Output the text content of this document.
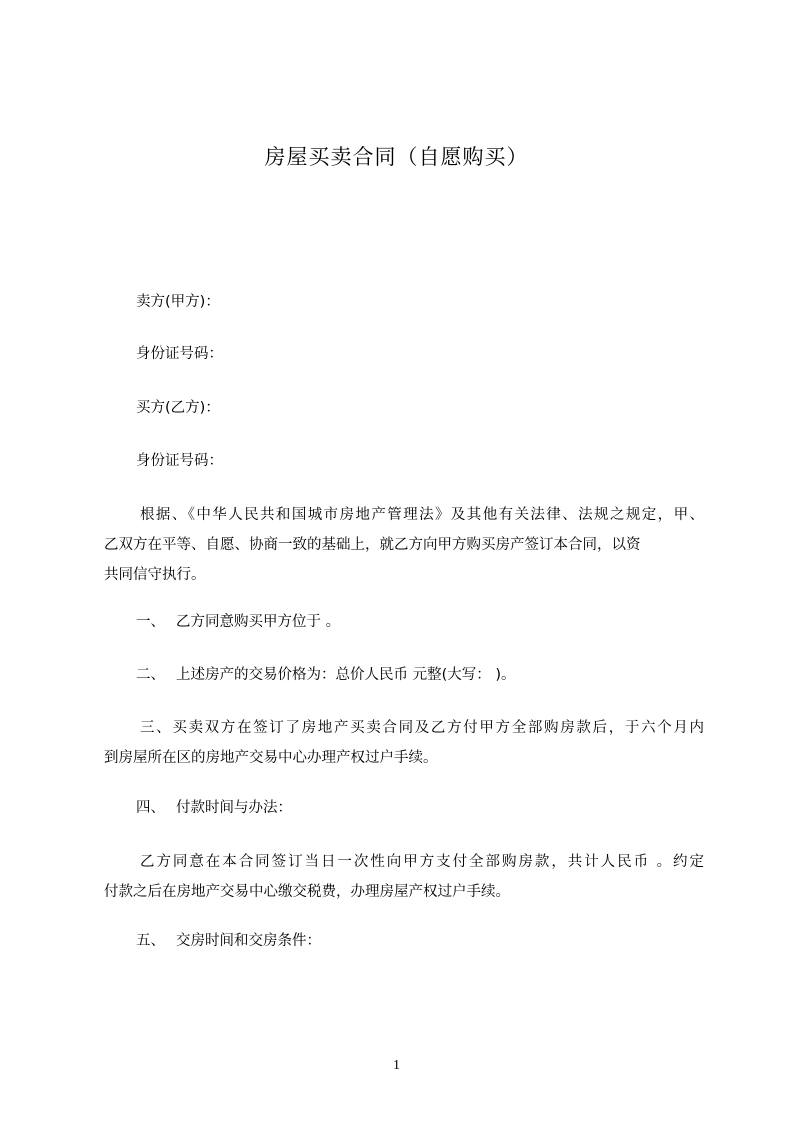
房屋买卖合同（自愿购买）
卖方(甲方)：
身份证号码：
买方(乙方)：
身份证号码：
根据、《中华人民共和国城市房地产管理法》及其他有关法律、法规之规定，甲、
乙双方在平等、自愿、协商一致的基础上，就乙方向甲方购买房产签订本合同，以资
共同信守执行。
一、 乙方同意购买甲方位于 。
二、 上述房产的交易价格为：总价人民币 元整(大写： )。
三、买卖双方在签订了房地产买卖合同及乙方付甲方全部购房款后，于六个月内
到房屋所在区的房地产交易中心办理产权过户手续。
四、 付款时间与办法：
乙方同意在本合同签订当日一次性向甲方支付全部购房款，共计人民币 。约定
付款之后在房地产交易中心缴交税费，办理房屋产权过户手续。
五、 交房时间和交房条件：
1
